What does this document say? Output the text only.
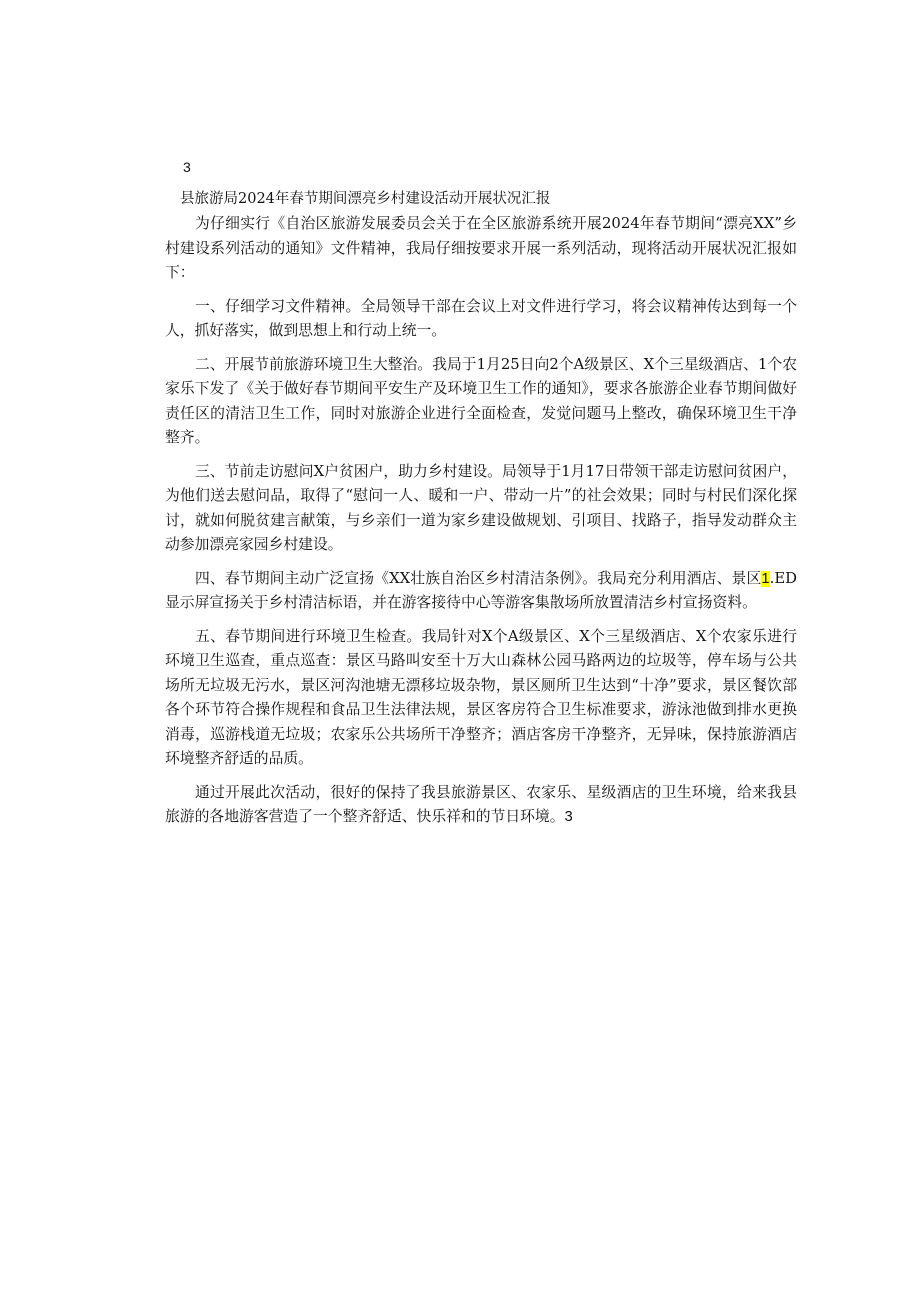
3
县旅游局2024年春节期间漂亮乡村建设活动开展状况汇报

为仔细实行《自治区旅游发展委员会关于在全区旅游系统开展2024年春节期间“漂亮XX”乡村建设系列活动的通知》文件精神，我局仔细按要求开展一系列活动，现将活动开展状况汇报如下：

一、仔细学习文件精神。全局领导干部在会议上对文件进行学习，将会议精神传达到每一个人，抓好落实，做到思想上和行动上统一。

二、开展节前旅游环境卫生大整治。我局于1月25日向2个A级景区、X个三星级酒店、1个农家乐下发了《关于做好春节期间平安生产及环境卫生工作的通知》，要求各旅游企业春节期间做好责任区的清洁卫生工作，同时对旅游企业进行全面检查，发觉问题马上整改，确保环境卫生干净整齐。

三、节前走访慰问X户贫困户，助力乡村建设。局领导于1月17日带领干部走访慰问贫困户，为他们送去慰问品，取得了“慰问一人、暖和一户、带动一片”的社会效果；同时与村民们深化探讨，就如何脱贫建言献策，与乡亲们一道为家乡建设做规划、引项目、找路子，指导发动群众主动参加漂亮家园乡村建设。

四、春节期间主动广泛宣扬《XX壮族自治区乡村清洁条例》。我局充分利用酒店、景区1.ED显示屏宣扬关于乡村清洁标语，并在游客接待中心等游客集散场所放置清洁乡村宣扬资料。

五、春节期间进行环境卫生检查。我局针对X个A级景区、X个三星级酒店、X个农家乐进行环境卫生巡查，重点巡查：景区马路叫安至十万大山森林公园马路两边的垃圾等，停车场与公共场所无垃圾无污水，景区河沟池塘无漂移垃圾杂物，景区厕所卫生达到“十净”要求，景区餐饮部各个环节符合操作规程和食品卫生法律法规，景区客房符合卫生标准要求，游泳池做到排水更换消毒，巡游栈道无垃圾；农家乐公共场所干净整齐；酒店客房干净整齐，无异味，保持旅游酒店环境整齐舒适的品质。

通过开展此次活动，很好的保持了我县旅游景区、农家乐、星级酒店的卫生环境，给来我县旅游的各地游客营造了一个整齐舒适、快乐祥和的节日环境。3
